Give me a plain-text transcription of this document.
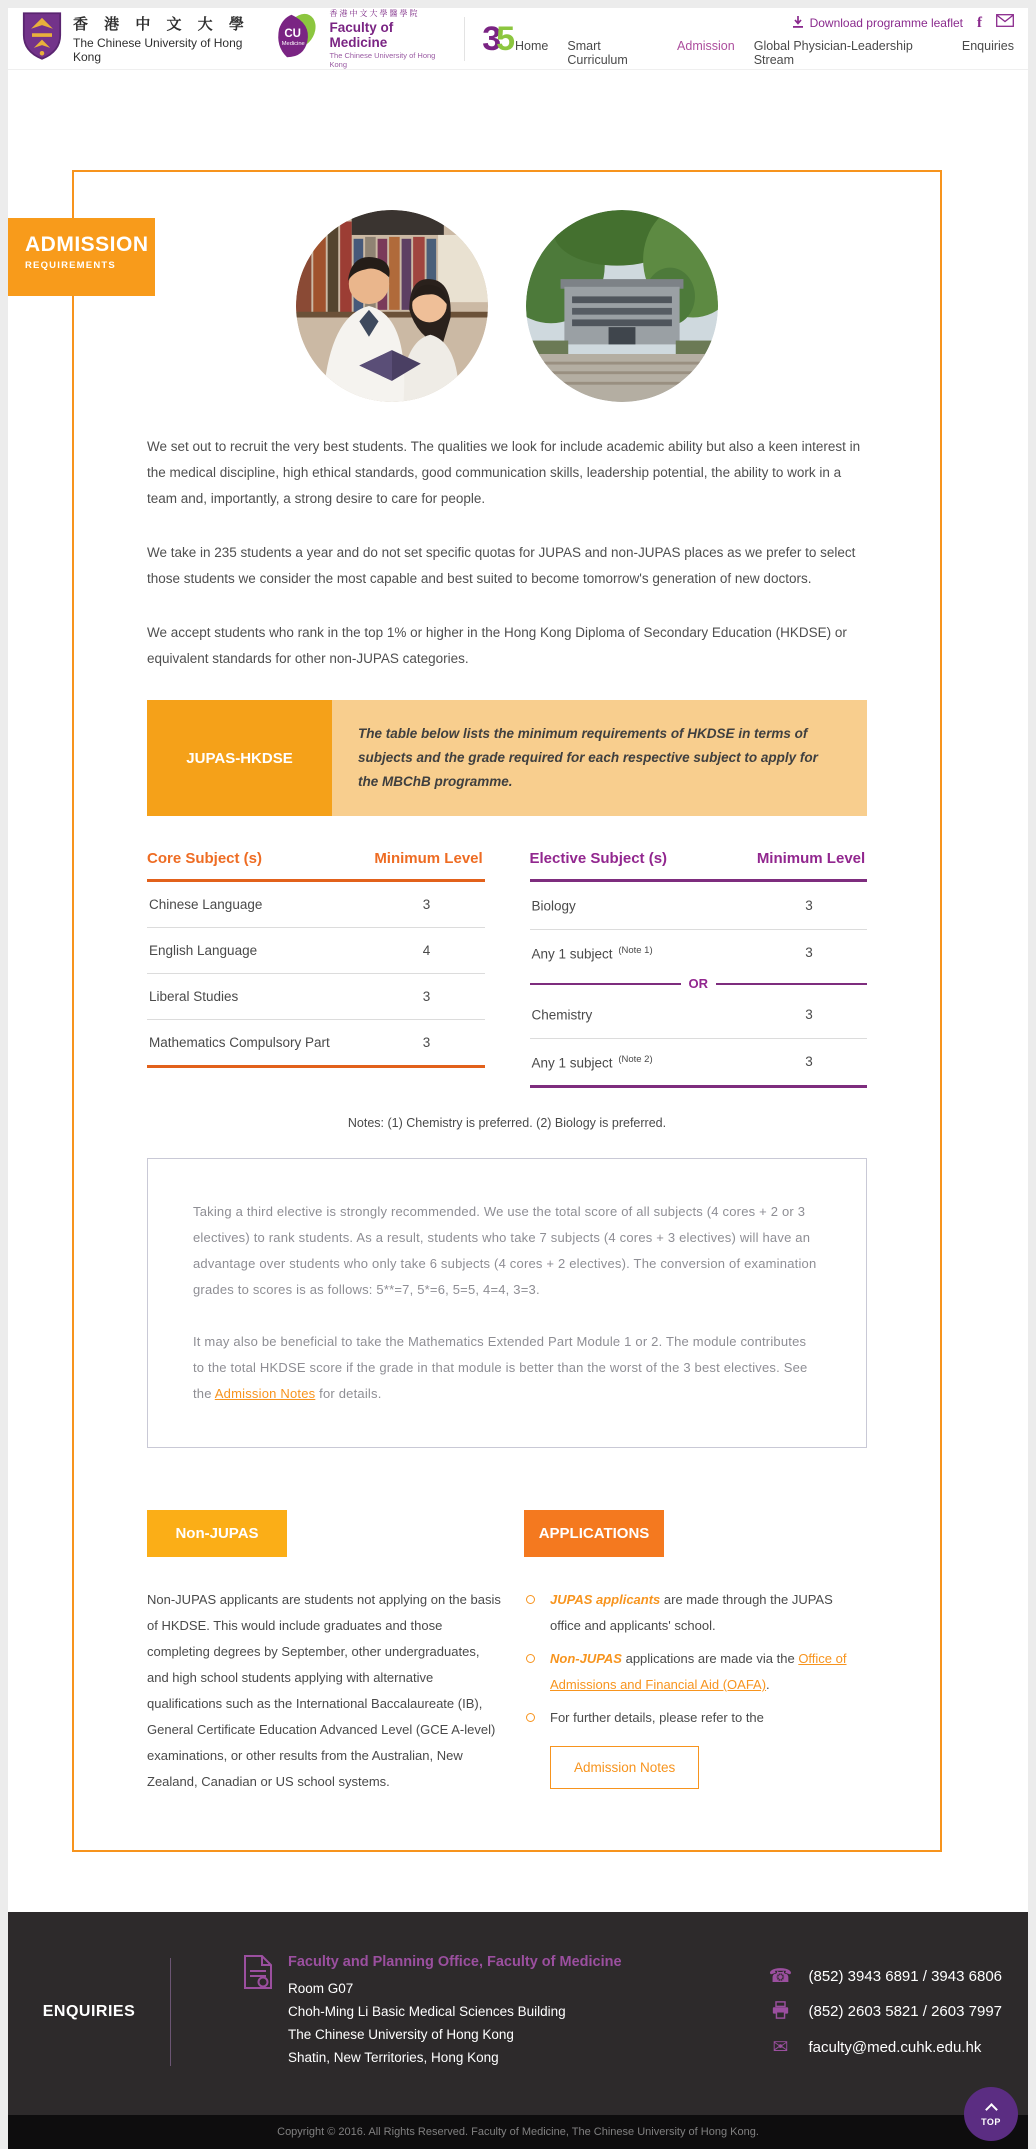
香 港 中 文 大 學
The Chinese University of Hong Kong
CU
Medicine
香港中文大學醫學院
Faculty of Medicine
The Chinese University of Hong Kong
3
5	Download programme leaflet f
Home Smart Curriculum
Admission Global Physician-Leadership Stream
Enquiries
ADMISSION
REQUIREMENTS

We set out to recruit the very best students. The qualities we look for include academic ability but also a keen interest in the medical discipline, high ethical standards, good communication skills, leadership potential, the ability to work in a team and, importantly, a strong desire to care for people.

We take in 235 students a year and do not set specific quotas for JUPAS and non-JUPAS places as we prefer to select those students we consider the most capable and best suited to become tomorrow's generation of new doctors.

We accept students who rank in the top 1% or higher in the Hong Kong Diploma of Secondary Education (HKDSE) or equivalent standards for other non-JUPAS categories.

JUPAS-HKDSE
The table below lists the minimum requirements of HKDSE in terms of subjects and the grade required for each respective subject to apply for the MBChB programme.
Core Subject (s)	Minimum Level
Chinese Language	3
English Language	4
Liberal Studies	3
Mathematics Compulsory Part	3
Elective Subject (s)	Minimum Level
Biology	3
Any 1 subject $^{(Note 1)}$	3
OR
Chemistry	3
Any 1 subject $^{(Note 2)}$	3
Notes: (1) Chemistry is preferred. (2) Biology is preferred.

Taking a third elective is strongly recommended. We use the total score of all subjects (4 cores + 2 or 3 electives) to rank students. As a result, students who take 7 subjects (4 cores + 3 electives) will have an advantage over students who only take 6 subjects (4 cores + 2 electives). The conversion of examination grades to scores is as follows: 5**=7, 5*=6, 5=5, 4=4, 3=3.

It may also be beneficial to take the Mathematics Extended Part Module 1 or 2. The module contributes to the total HKDSE score if the grade in that module is better than the worst of the 3 best electives. See the Admission Notes for details.

Non-JUPAS

Non-JUPAS applicants are students not applying on the basis of HKDSE. This would include graduates and those completing degrees by September, other undergraduates, and high school students applying with alternative qualifications such as the International Baccalaureate (IB), General Certificate Education Advanced Level (GCE A-level) examinations, or other results from the Australian, New Zealand, Canadian or US school systems.

APPLICATIONS
JUPAS applicants are made through the JUPAS office and applicants' school.
Non-JUPAS applications are made via the Office of Admissions and Financial Aid (OAFA).
For further details, please refer to the
Admission Notes
ENQUIRIES
Faculty and Planning Office, Faculty of Medicine
Room G07
Choh-Ming Li Basic Medical Sciences Building
The Chinese University of Hong Kong
Shatin, New Territories, Hong Kong
☎ (852) 3943 6891 / 3943 6806
(852) 2603 5821 / 2603 7997
✉ faculty@med.cuhk.edu.hk
TOP
Copyright © 2016. All Rights Reserved. Faculty of Medicine, The Chinese University of Hong Kong.
